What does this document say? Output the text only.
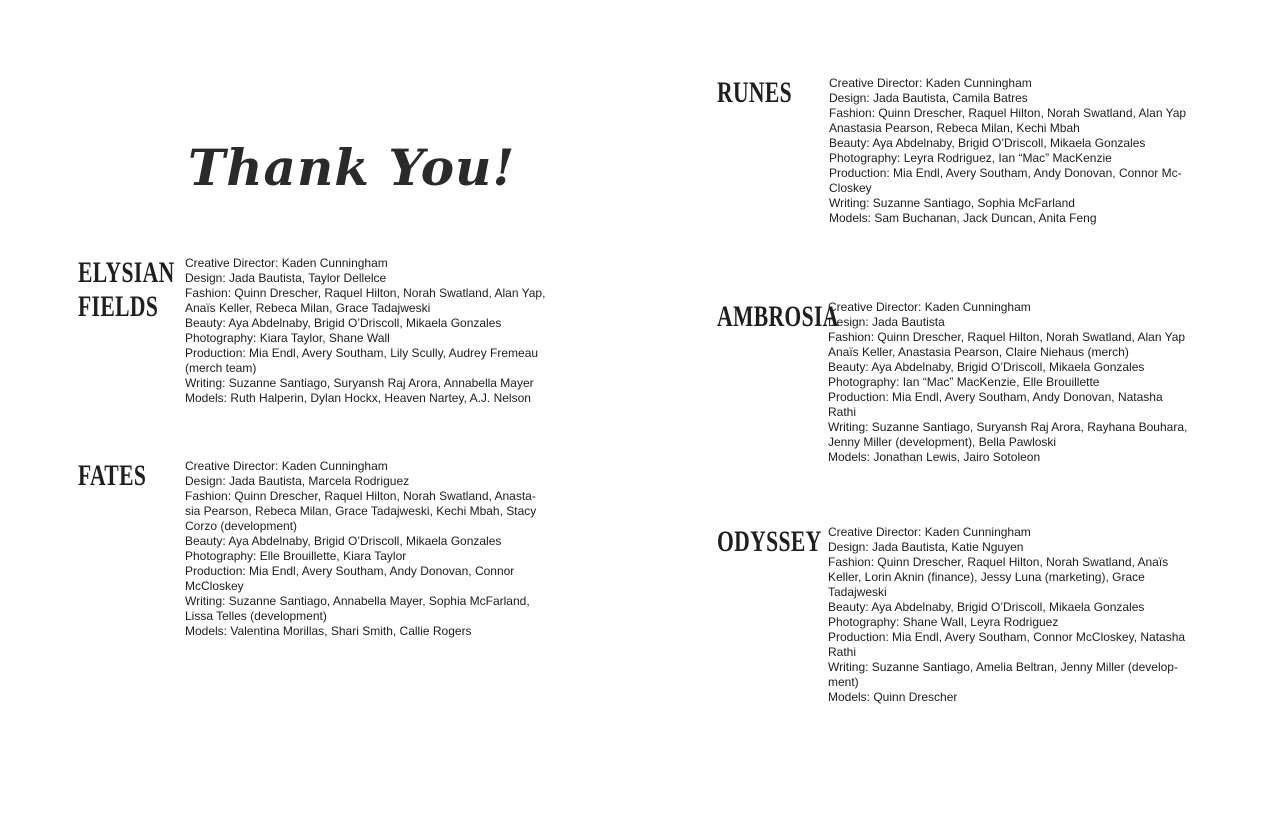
Thank You!
ELYSIAN
FIELDS
Creative Director: Kaden Cunningham
Design: Jada Bautista, Taylor Dellelce
Fashion: Quinn Drescher, Raquel Hilton, Norah Swatland, Alan Yap,
Anaïs Keller, Rebeca Milan, Grace Tadajweski
Beauty: Aya Abdelnaby, Brigid O’Driscoll, Mikaela Gonzales
Photography: Kiara Taylor, Shane Wall
Production: Mia Endl, Avery Southam, Lily Scully, Audrey Fremeau
(merch team)
Writing: Suzanne Santiago, Suryansh Raj Arora, Annabella Mayer
Models: Ruth Halperin, Dylan Hockx, Heaven Nartey, A.J. Nelson
FATES	Creative Director: Kaden Cunningham
Design: Jada Bautista, Marcela Rodriguez
Fashion: Quinn Drescher, Raquel Hilton, Norah Swatland, Anasta-
sia Pearson, Rebeca Milan, Grace Tadajweski, Kechi Mbah, Stacy
Corzo (development)
Beauty: Aya Abdelnaby, Brigid O’Driscoll, Mikaela Gonzales
Photography: Elle Brouillette, Kiara Taylor
Production: Mia Endl, Avery Southam, Andy Donovan, Connor
McCloskey
Writing: Suzanne Santiago, Annabella Mayer, Sophia McFarland,
Lissa Telles (development)
Models: Valentina Morillas, Shari Smith, Callie Rogers
RUNES	Creative Director: Kaden Cunningham
Design: Jada Bautista, Camila Batres
Fashion: Quinn Drescher, Raquel Hilton, Norah Swatland, Alan Yap
Anastasia Pearson, Rebeca Milan, Kechi Mbah
Beauty: Aya Abdelnaby, Brigid O’Driscoll, Mikaela Gonzales
Photography: Leyra Rodriguez, Ian “Mac” MacKenzie
Production: Mia Endl, Avery Southam, Andy Donovan, Connor Mc-
Closkey
Writing: Suzanne Santiago, Sophia McFarland
Models: Sam Buchanan, Jack Duncan, Anita Feng
AMBROSIA
Creative Director: Kaden Cunningham
Design: Jada Bautista
Fashion: Quinn Drescher, Raquel Hilton, Norah Swatland, Alan Yap
Anaïs Keller, Anastasia Pearson, Claire Niehaus (merch)
Beauty: Aya Abdelnaby, Brigid O’Driscoll, Mikaela Gonzales
Photography: Ian “Mac” MacKenzie, Elle Brouillette
Production: Mia Endl, Avery Southam, Andy Donovan, Natasha
Rathi
Writing: Suzanne Santiago, Suryansh Raj Arora, Rayhana Bouhara,
Jenny Miller (development), Bella Pawloski
Models: Jonathan Lewis, Jairo Sotoleon
ODYSSEY Creative Director: Kaden Cunningham
Design: Jada Bautista, Katie Nguyen
Fashion: Quinn Drescher, Raquel Hilton, Norah Swatland, Anaïs
Keller, Lorin Aknin (finance), Jessy Luna (marketing), Grace
Tadajweski
Beauty: Aya Abdelnaby, Brigid O’Driscoll, Mikaela Gonzales
Photography: Shane Wall, Leyra Rodriguez
Production: Mia Endl, Avery Southam, Connor McCloskey, Natasha
Rathi
Writing: Suzanne Santiago, Amelia Beltran, Jenny Miller (develop-
ment)
Models: Quinn Drescher
